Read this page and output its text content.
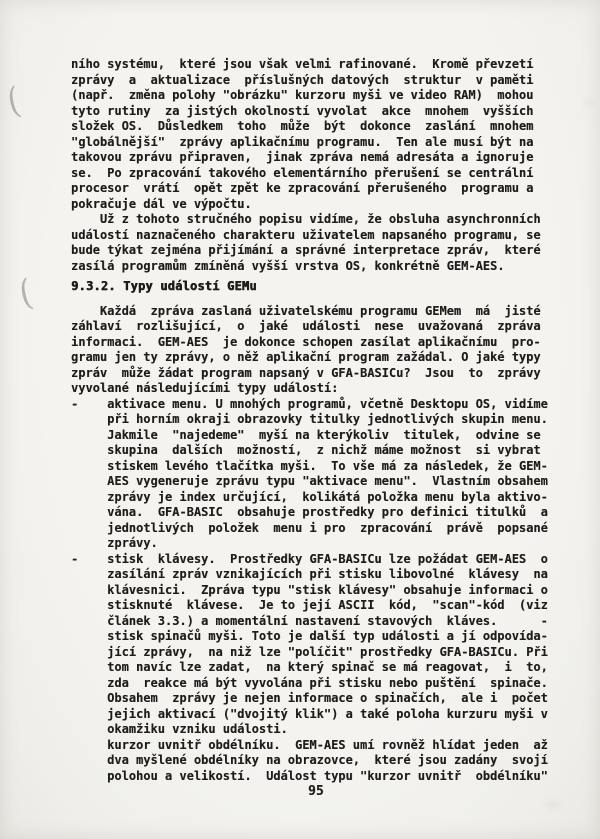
(
(
ního systému,  které jsou však velmi rafinované.  Kromě převzetí
zprávy  a  aktualizace  příslušných datových  struktur  v paměti
(např.  změna polohy "obrázku" kurzoru myši ve video RAM)  mohou
tyto rutiny  za jistých okolností vyvolat  akce  mnohem  vyšších
složek OS.  Důsledkem  toho  může  být  dokonce  zaslání  mnohem
"globálnější"  zprávy aplikačnímu programu.  Ten ale musí být na
takovou zprávu připraven,  jinak zpráva nemá adresáta a ignoruje
se.  Po zpracování takového elementárního přerušení se centrální
procesor  vrátí  opět zpět ke zpracování přerušeného  programu a
pokračuje dál ve výpočtu.
Už z tohoto stručného popisu vidíme, že obsluha asynchronních
událostí naznačeného charakteru uživatelem napsaného programu, se
bude týkat zejména přijímání a správné interpretace zpráv,  které
zasílá programům zmíněná vyšší vrstva OS, konkrétně GEM-AES.
9.3.2. Typy událostí GEMu
Každá  zpráva zaslaná uživatelskému programu GEMem  má  jisté
záhlaví  rozlišující,  o  jaké  události  nese  uvažovaná  zpráva
informaci.  GEM-AES  je dokonce schopen zasílat aplikačnímu  pro-
gramu jen ty zprávy, o něž aplikační program zažádal. O jaké typy
zpráv  může žádat program napsaný v GFA-BASICu?  Jsou  to  zprávy
vyvolané následujícími typy událostí:
-    aktivace menu. U mnohých programů, včetně Desktopu OS, vidíme
při horním okraji obrazovky titulky jednotlivých skupin menu.
Jakmile  "najedeme"  myší na kterýkoliv  titulek,  odvine se
skupina  dalších  možností,  z nichž máme možnost  si vybrat
stiskem levého tlačítka myši.  To vše má za následek, že GEM-
AES vygeneruje zprávu typu "aktivace menu".  Vlastním obsahem
zprávy je index určující,  kolikátá položka menu byla aktivo-
vána.  GFA-BASIC  obsahuje prostředky pro definici titulků  a
jednotlivých  položek  menu i pro  zpracování  právě  popsané
zprávy.
-    stisk  klávesy.  Prostředky GFA-BASICu lze požádat GEM-AES  o
zasílání zpráv vznikajících při stisku libovolné  klávesy  na
klávesnici.  Zpráva typu "stisk klávesy" obsahuje informaci o
stisknuté  klávese.  Je to její ASCII  kód,  "scan"-kód  (viz
článek 3.3.) a momentální nastavení stavových  kláves.      -
stisk spinačů myši. Toto je další typ události a jí odpovída-
jící zprávy,  na niž lze "políčit" prostředky GFA-BASICu. Při
tom navíc lze zadat,  na který spinač se má reagovat,  i  to,
zda  reakce má být vyvolána při stisku nebo puštění  spinače.
Obsahem  zprávy je nejen informace o spinačích,  ale i  počet
jejich aktivací ("dvojitý klik") a také poloha kurzuru myši v
okamžiku vzniku události.
kurzor uvnitř obdélníku.  GEM-AES umí rovněž hlídat jeden  až
dva myšlené obdélníky na obrazovce,  které jsou zadány  svojí
polohou a velikostí.  Událost typu "kurzor uvnitř  obdélníku"
95
